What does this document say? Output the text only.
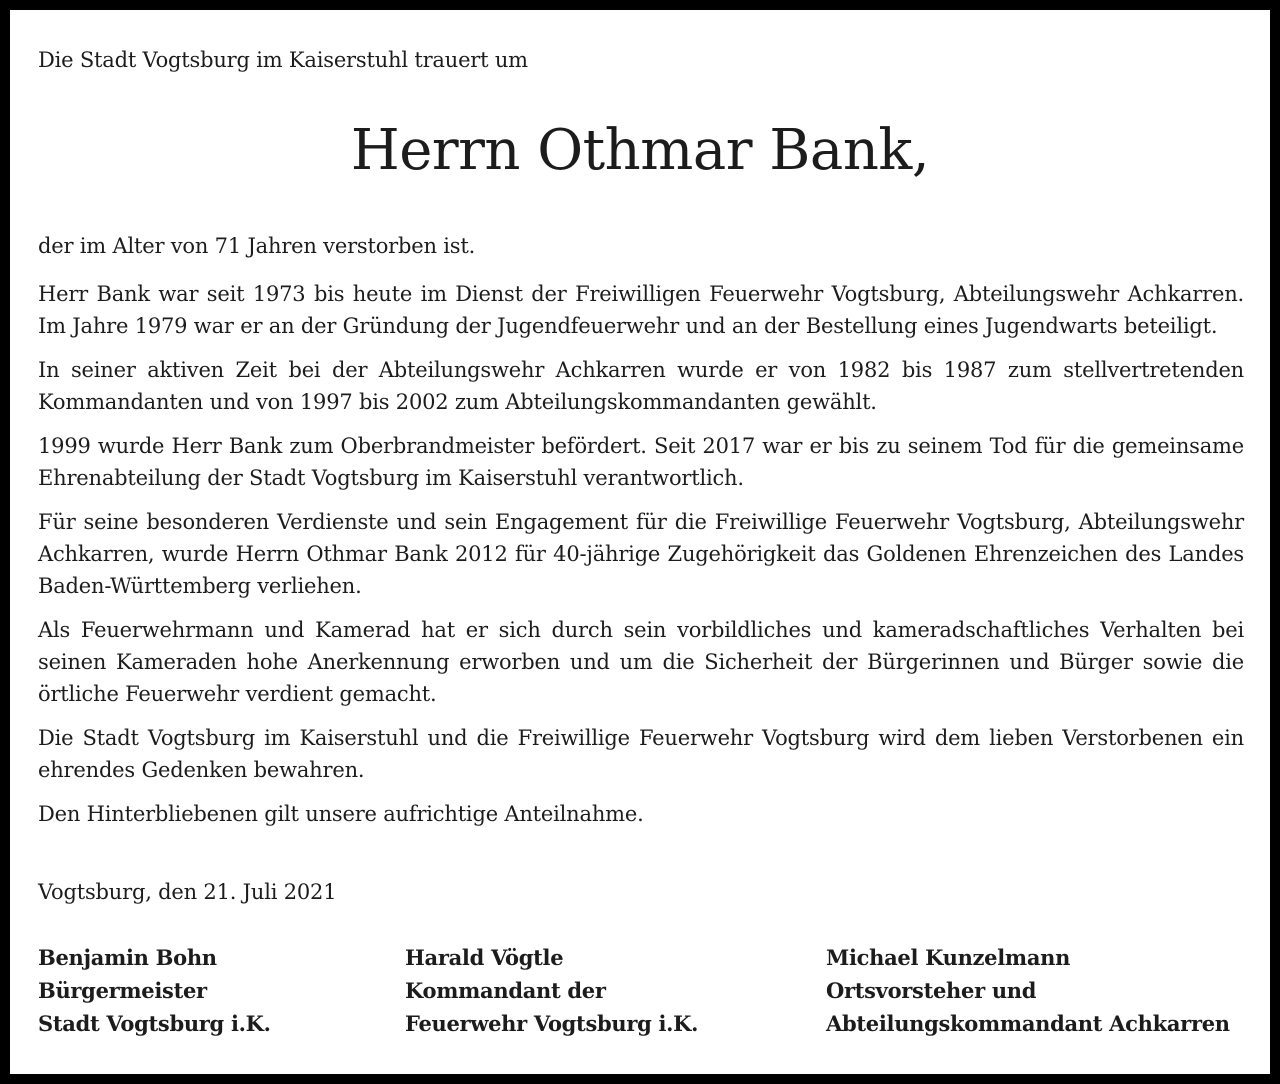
Die Stadt Vogtsburg im Kaiserstuhl trauert um
Herrn Othmar Bank,

der im Alter von 71 Jahren verstorben ist.

Herr Bank war seit 1973 bis heute im Dienst der Freiwilligen Feuerwehr Vogtsburg, Abteilungswehr Achkarren. Im Jahre 1979 war er an der Gründung der Jugendfeuerwehr und an der Bestellung eines Jugendwarts beteiligt.

In seiner aktiven Zeit bei der Abteilungswehr Achkarren wurde er von 1982 bis 1987 zum stellvertretenden Kommandanten und von 1997 bis 2002 zum Abteilungskommandanten gewählt.

1999 wurde Herr Bank zum Oberbrandmeister befördert. Seit 2017 war er bis zu seinem Tod für die gemeinsame Ehrenabteilung der Stadt Vogtsburg im Kaiserstuhl verantwortlich.

Für seine besonderen Verdienste und sein Engagement für die Freiwillige Feuerwehr Vogtsburg, Abteilungswehr Achkarren, wurde Herrn Othmar Bank 2012 für 40-jährige Zugehörigkeit das Goldenen Ehrenzeichen des Landes Baden-Württemberg verliehen.

Als Feuerwehrmann und Kamerad hat er sich durch sein vorbildliches und kameradschaftliches Verhalten bei seinen Kameraden hohe Anerkennung erworben und um die Sicherheit der Bürgerinnen und Bürger sowie die örtliche Feuerwehr verdient gemacht.

Die Stadt Vogtsburg im Kaiserstuhl und die Freiwillige Feuerwehr Vogtsburg wird dem lieben Verstorbenen ein ehrendes Gedenken bewahren.

Den Hinterbliebenen gilt unsere aufrichtige Anteilnahme.

Vogtsburg, den 21. Juli 2021
Benjamin Bohn
Bürgermeister
Stadt Vogtsburg i.K.
Harald Vögtle
Kommandant der
Feuerwehr Vogtsburg i.K.
Michael Kunzelmann
Ortsvorsteher und
Abteilungskommandant Achkarren
